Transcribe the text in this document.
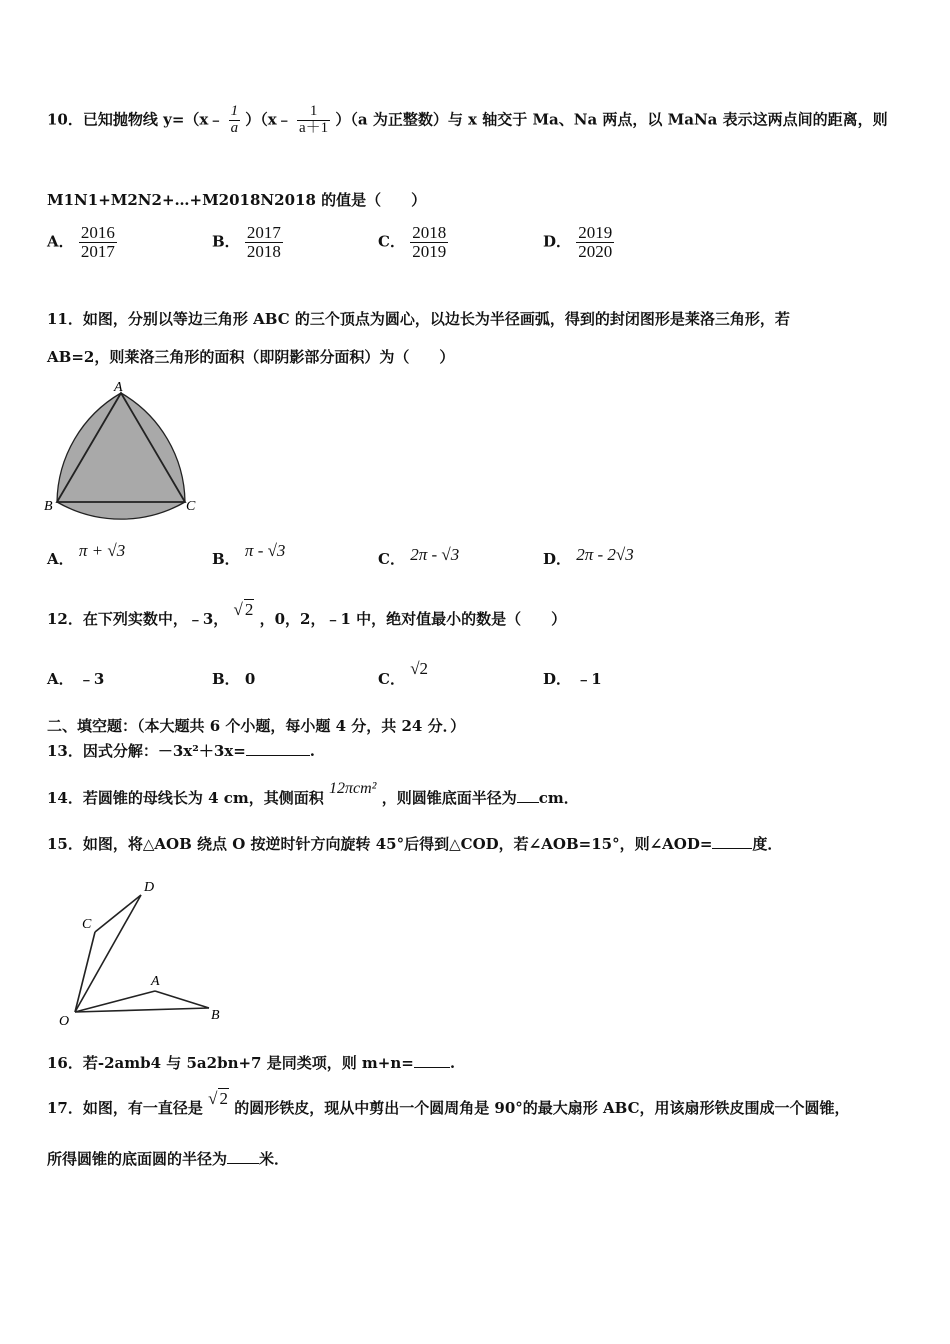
10．已知抛物线 y=（x﹣ $\frac{1}{a}$ ）（x﹣ $\frac{1}{a+1} )(a$ 为正整数）与 x 轴交于 Ma、Na 两点，以 MaNa 表示这两点间的距离，则
M1N1+M2N2+…+M2018N2018 的值是（　　）
A． $\frac{2016}{2017}$	B． $\frac{2017}{2018}$	C． $\frac{2018}{2019}$	D． $\frac{2019}{2020}$
11．如图，分别以等边三角形 ABC 的三个顶点为圆心，以边长为半径画弧，得到的封闭图形是莱洛三角形，若
AB=2，则莱洛三角形的面积（即阴影部分面积）为（　　）
A
B	C
A． π + √3	B． π - √3	C． 2π - √3	D． 2π - 2√3
12．在下列实数中，﹣3， √ 2 ，0，2，﹣1 中，绝对值最小的数是（　　）
A． ﹣3	B． 0	C． √2
D． ﹣1
二、填空题：（本大题共 6 个小题，每小题 4 分，共 24 分．）
13．因式分解：－3x²＋3x=	.
14．若圆锥的母线长为 4 cm，其侧面积 12πcm² ，则圆锥底面半径为 cm．
15．如图，将△AOB 绕点 O 按逆时针方向旋转 45°后得到△COD，若∠AOB=15°，则∠AOD=	度．
O
C
D
A
B
16．若-2amb4 与 5a2bn+7 是同类项，则 m+n= .
17．如图，有一直径是 √ 2 的圆形铁皮，现从中剪出一个圆周角是 90°的最大扇形 ABC，用该扇形铁皮围成一个圆锥，
所得圆锥的底面圆的半径为 米．
